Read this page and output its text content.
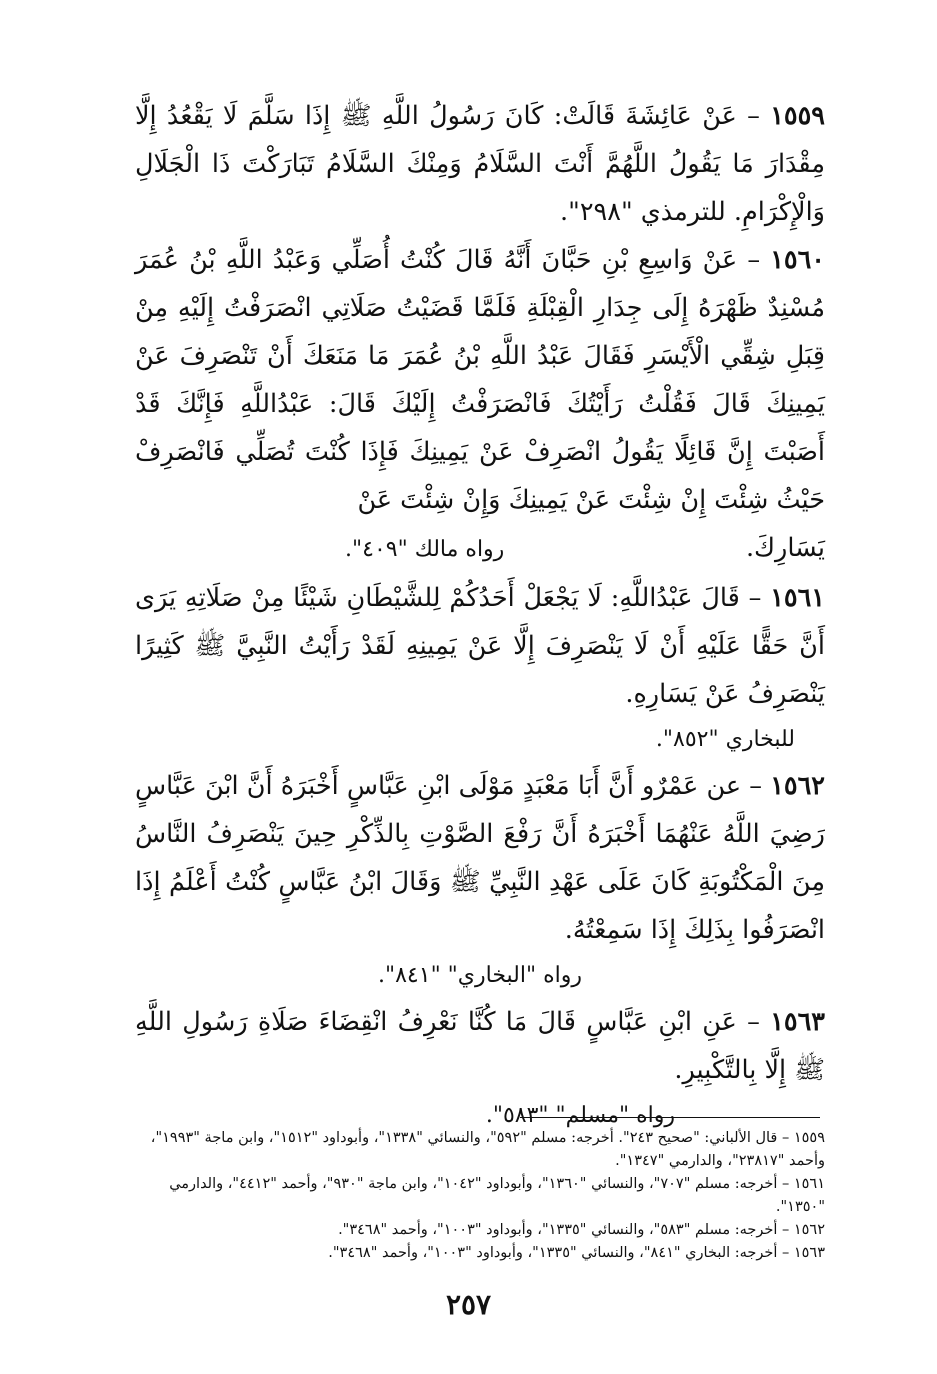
١٥٥٩ – عَنْ عَائِشَةَ قَالَتْ: كَانَ رَسُولُ اللَّهِ ﷺ إِذَا سَلَّمَ لَا يَقْعُدُ إِلَّا مِقْدَارَ مَا يَقُولُ اللَّهُمَّ أَنْتَ السَّلَامُ وَمِنْكَ السَّلَامُ تَبَارَكْتَ ذَا الْجَلَالِ وَالْإِكْرَامِ. للترمذي "٢٩٨".

١٥٦٠ – عَنْ وَاسِعِ بْنِ حَبَّانَ أَنَّهُ قَالَ كُنْتُ أُصَلِّي وَعَبْدُ اللَّهِ بْنُ عُمَرَ مُسْنِدٌ ظَهْرَهُ إِلَى جِدَارِ الْقِبْلَةِ فَلَمَّا قَضَيْتُ صَلَاتِي انْصَرَفْتُ إِلَيْهِ مِنْ قِبَلِ شِقِّي الْأَيْسَرِ فَقَالَ عَبْدُ اللَّهِ بْنُ عُمَرَ مَا مَنَعَكَ أَنْ تَنْصَرِفَ عَنْ يَمِينِكَ قَالَ فَقُلْتُ رَأَيْتُكَ فَانْصَرَفْتُ إِلَيْكَ قَالَ: عَبْدُاللَّهِ فَإِنَّكَ قَدْ أَصَبْتَ إِنَّ قَائِلًا يَقُولُ انْصَرِفْ عَنْ يَمِينِكَ فَإِذَا كُنْتَ تُصَلِّي فَانْصَرِفْ حَيْثُ شِئْتَ إِنْ شِئْتَ عَنْ يَمِينِكَ وَإِنْ شِئْتَ عَنْ

يَسَارِكَ.
رواه مالك "٤٠٩".

١٥٦١ – قَالَ عَبْدُاللَّهِ: لَا يَجْعَلْ أَحَدُكُمْ لِلشَّيْطَانِ شَيْئًا مِنْ صَلَاتِهِ يَرَى أَنَّ حَقًّا عَلَيْهِ أَنْ لَا يَنْصَرِفَ إِلَّا عَنْ يَمِينِهِ لَقَدْ رَأَيْتُ النَّبِيَّ ﷺ كَثِيرًا يَنْصَرِفُ عَنْ يَسَارِهِ.

للبخاري "٨٥٢".

١٥٦٢ – عن عَمْرٌو أَنَّ أَبَا مَعْبَدٍ مَوْلَى ابْنِ عَبَّاسٍ أَخْبَرَهُ أَنَّ ابْنَ عَبَّاسٍ رَضِيَ اللَّهُ عَنْهُمَا أَخْبَرَهُ أَنَّ رَفْعَ الصَّوْتِ بِالذِّكْرِ حِينَ يَنْصَرِفُ النَّاسُ مِنَ الْمَكْتُوبَةِ كَانَ عَلَى عَهْدِ النَّبِيِّ ﷺ وَقَالَ ابْنُ عَبَّاسٍ كُنْتُ أَعْلَمُ إِذَا انْصَرَفُوا بِذَلِكَ إِذَا سَمِعْتُهُ.

رواه "البخاري" "٨٤١".

١٥٦٣ – عَنِ ابْنِ عَبَّاسٍ قَالَ مَا كُنَّا نَعْرِفُ انْقِضَاءَ صَلَاةِ رَسُولِ اللَّهِ ﷺ إِلَّا بِالتَّكْبِيرِ.

رواه "مسلم" "٥٨٣".

١٥٥٩ – قال الألباني: "صحيح ٢٤٣". أخرجه: مسلم "٥٩٢"، والنسائي "١٣٣٨"، وأبوداود "١٥١٢"، وابن ماجة "١٩٩٣"، وأحمد "٢٣٨١٧"، والدارمي "١٣٤٧".

١٥٦١ – أخرجه: مسلم "٧٠٧"، والنسائي "١٣٦٠"، وأبوداود "١٠٤٢"، وابن ماجة "٩٣٠"، وأحمد "٤٤١٢"، والدارمي "١٣٥٠".

١٥٦٢ – أخرجه: مسلم "٥٨٣"، والنسائي "١٣٣٥"، وأبوداود "١٠٠٣"، وأحمد "٣٤٦٨".

١٥٦٣ – أخرجه: البخاري "٨٤١"، والنسائي "١٣٣٥"، وأبوداود "١٠٠٣"، وأحمد "٣٤٦٨".

٢٥٧
